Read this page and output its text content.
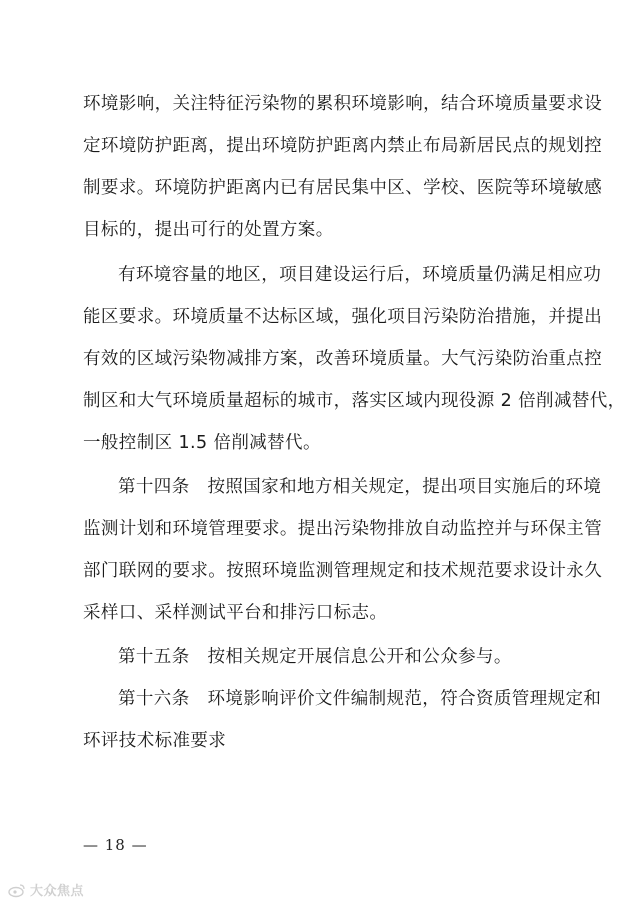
环境影响，关注特征污染物的累积环境影响，结合环境质量要求设
定环境防护距离，提出环境防护距离内禁止布局新居民点的规划控
制要求。环境防护距离内已有居民集中区、学校、医院等环境敏感
目标的，提出可行的处置方案。
有环境容量的地区，项目建设运行后，环境质量仍满足相应功
能区要求。环境质量不达标区域，强化项目污染防治措施，并提出
有效的区域污染物减排方案，改善环境质量。大气污染防治重点控
制区和大气环境质量超标的城市，落实区域内现役源 2 倍削减替代，
一般控制区 1.5 倍削减替代。
第十四条　按照国家和地方相关规定，提出项目实施后的环境
监测计划和环境管理要求。提出污染物排放自动监控并与环保主管
部门联网的要求。按照环境监测管理规定和技术规范要求设计永久
采样口、采样测试平台和排污口标志。
第十五条　按相关规定开展信息公开和公众参与。
第十六条　环境影响评价文件编制规范，符合资质管理规定和
环评技术标准要求
— 18 —
大众焦点
